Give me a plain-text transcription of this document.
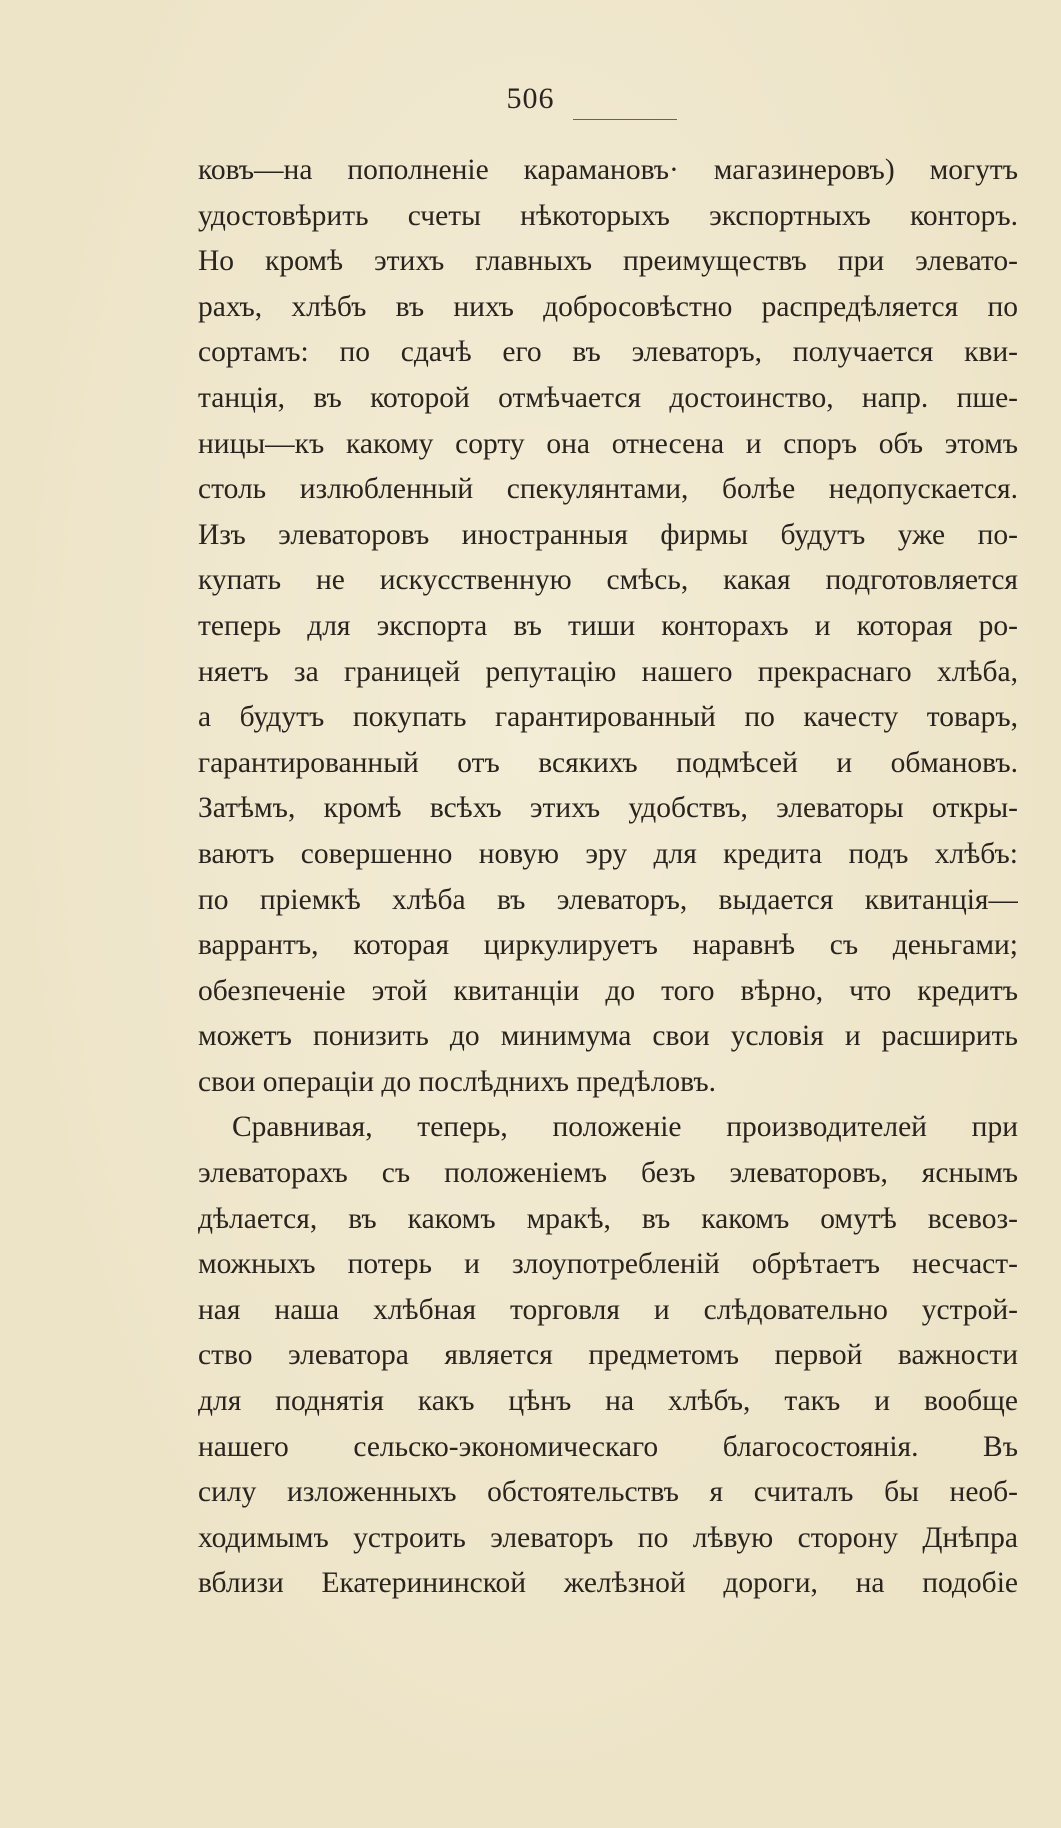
506
ковъ—на пополненіе карамановъ· магазинеровъ) могутъ
удостовѣрить счеты нѣкоторыхъ экспортныхъ конторъ.
Но кромѣ этихъ главныхъ преимуществъ при элевато-
рахъ, хлѣбъ въ нихъ добросовѣстно распредѣляется по
сортамъ: по сдачѣ его въ элеваторъ, получается кви-
танція, въ которой отмѣчается достоинство, напр. пше-
ницы—къ какому сорту она отнесена и споръ объ этомъ
столь излюбленный спекулянтами, болѣе недопускается.
Изъ элеваторовъ иностранныя фирмы будутъ уже по-
купать не искусственную смѣсь, какая подготовляется
теперь для экспорта въ тиши конторахъ и которая ро-
няетъ за границей репутацію нашего прекраснаго хлѣба,
а будутъ покупать гарантированный по качесту товаръ,
гарантированный отъ всякихъ подмѣсей и обмановъ.
Затѣмъ, кромѣ всѣхъ этихъ удобствъ, элеваторы откры-
ваютъ совершенно новую эру для кредита подъ хлѣбъ:
по пріемкѣ хлѣба въ элеваторъ, выдается квитанція—
варрантъ, которая циркулируетъ наравнѣ съ деньгами;
обезпеченіе этой квитанціи до того вѣрно, что кредитъ
можетъ понизить до минимума свои условія и расширить
свои операціи до послѣднихъ предѣловъ.
Сравнивая, теперь, положеніе производителей при
элеваторахъ съ положеніемъ безъ элеваторовъ, яснымъ
дѣлается, въ какомъ мракѣ, въ какомъ омутѣ всевоз-
можныхъ потерь и злоупотребленій обрѣтаетъ несчаст-
ная наша хлѣбная торговля и слѣдовательно устрой-
ство элеватора является предметомъ первой важности
для поднятія какъ цѣнъ на хлѣбъ, такъ и вообще
нашего сельско-экономическаго благосостоянія. Въ
силу изложенныхъ обстоятельствъ я считалъ бы необ-
ходимымъ устроить элеваторъ по лѣвую сторону Днѣпра
вблизи Екатерининской желѣзной дороги, на подобіе
